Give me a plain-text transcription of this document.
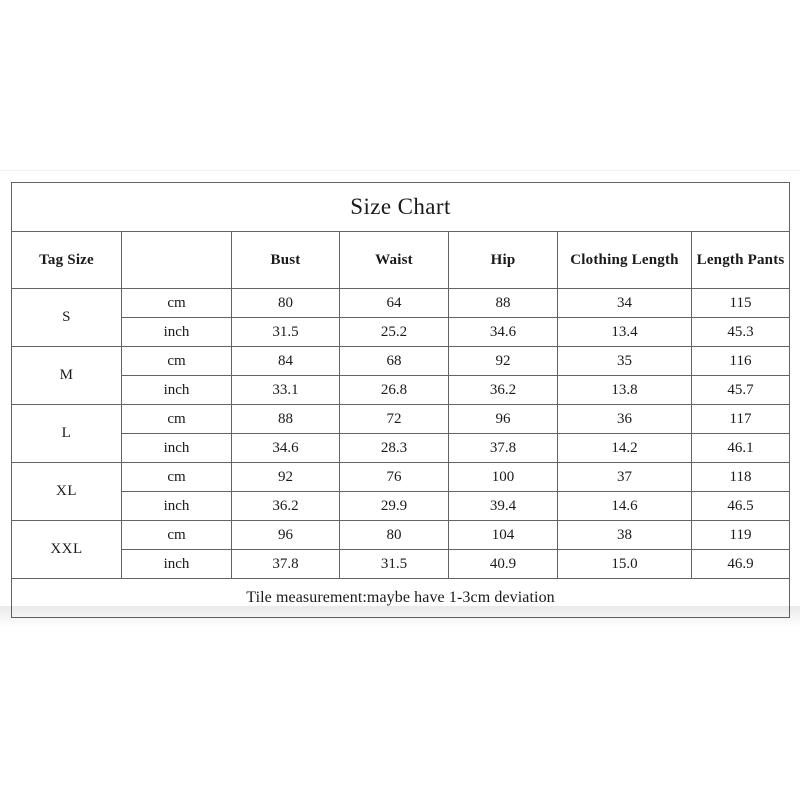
Size Chart						
Tag Size		Bust	Waist	Hip	Clothing Length	Length Pants
S	cm	80	64	88	34	115
	inch	31.5	25.2	34.6	13.4	45.3
M	cm	84	68	92	35	116
	inch	33.1	26.8	36.2	13.8	45.7
L	cm	88	72	96	36	117
	inch	34.6	28.3	37.8	14.2	46.1
XL	cm	92	76	100	37	118
	inch	36.2	29.9	39.4	14.6	46.5
XXL	cm	96	80	104	38	119
	inch	37.8	31.5	40.9	15.0	46.9
Tile measurement:maybe have 1-3cm deviation						
